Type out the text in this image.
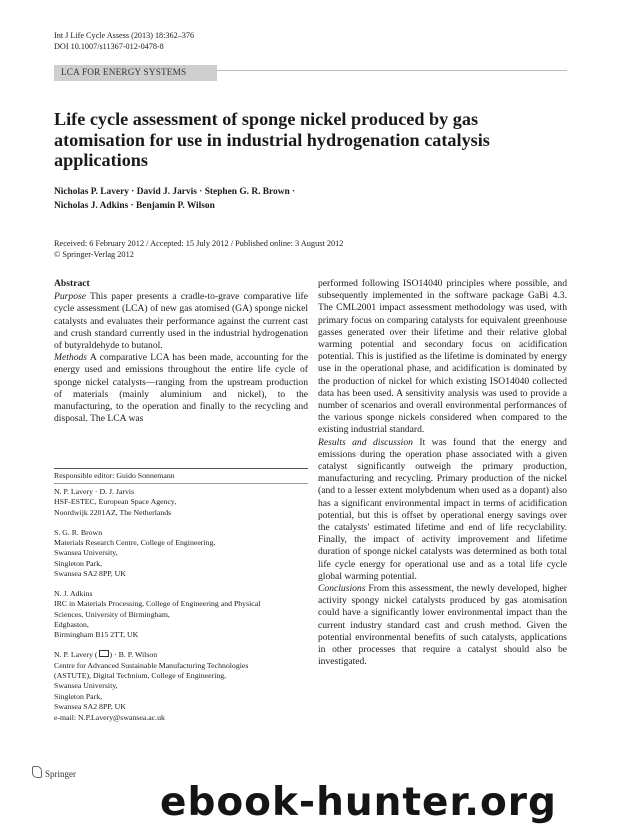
Int J Life Cycle Assess (2013) 18:362–376
DOI 10.1007/s11367-012-0478-8
LCA FOR ENERGY SYSTEMS
Life cycle assessment of sponge nickel produced by gas atomisation for use in industrial hydrogenation catalysis applications
Nicholas P. Lavery · David J. Jarvis · Stephen G. R. Brown ·
Nicholas J. Adkins · Benjamin P. Wilson
Received: 6 February 2012 / Accepted: 15 July 2012 / Published online: 3 August 2012
© Springer-Verlag 2012
Abstract

Purpose This paper presents a cradle-to-grave comparative life cycle assessment (LCA) of new gas atomised (GA) sponge nickel catalysts and evaluates their performance against the current cast and crush standard currently used in the industrial hydrogenation of butyraldehyde to butanol.

Methods A comparative LCA has been made, accounting for the energy used and emissions throughout the entire life cycle of sponge nickel catalysts—ranging from the upstream production of materials (mainly aluminium and nickel), to the manufacturing, to the operation and finally to the recycling and disposal. The LCA was

Responsible editor: Guido Sonnemann
N. P. Lavery · D. J. Jarvis
HSF-ESTEC, European Space Agency,
Noordwijk 2201AZ, The Netherlands
S. G. R. Brown
Materials Research Centre, College of Engineering,
Swansea University,
Singleton Park,
Swansea SA2 8PP, UK
N. J. Adkins
IRC in Materials Processing, College of Engineering and Physical
Sciences, University of Birmingham,
Edgbaston,
Birmingham B15 2TT, UK
N. P. Lavery ( ) · B. P. Wilson
Centre for Advanced Sustainable Manufacturing Technologies
(ASTUTE), Digital Technium, College of Engineering,
Swansea University,
Singleton Park,
Swansea SA2 8PP, UK
e-mail: N.P.Lavery@swansea.ac.uk

performed following ISO14040 principles where possible, and subsequently implemented in the software package GaBi 4.3. The CML2001 impact assessment methodology was used, with primary focus on comparing catalysts for equivalent greenhouse gasses generated over their lifetime and their relative global warming potential and secondary focus on acidification potential. This is justified as the lifetime is dominated by energy use in the operational phase, and acidification is dominated by the production of nickel for which existing ISO14040 collected data has been used. A sensitivity analysis was used to provide a number of scenarios and overall environmental performances of the various sponge nickels considered when compared to the existing industrial standard.

Results and discussion It was found that the energy and emissions during the operation phase associated with a given catalyst significantly outweigh the primary production, manufacturing and recycling. Primary production of the nickel (and to a lesser extent molybdenum when used as a dopant) also has a significant environmental impact in terms of acidification potential, but this is offset by operational energy savings over the catalysts' estimated lifetime and end of life recyclability. Finally, the impact of activity improvement and lifetime duration of sponge nickel catalysts was determined as both total life cycle energy for operational use and as a total life cycle global warming potential.

Conclusions From this assessment, the newly developed, higher activity spongy nickel catalysts produced by gas atomisation could have a significantly lower environmental impact than the current industry standard cast and crush method. Given the potential environmental benefits of such catalysts, applications in other processes that require a catalyst should also be investigated.

Springer
ebook-hunter.org
